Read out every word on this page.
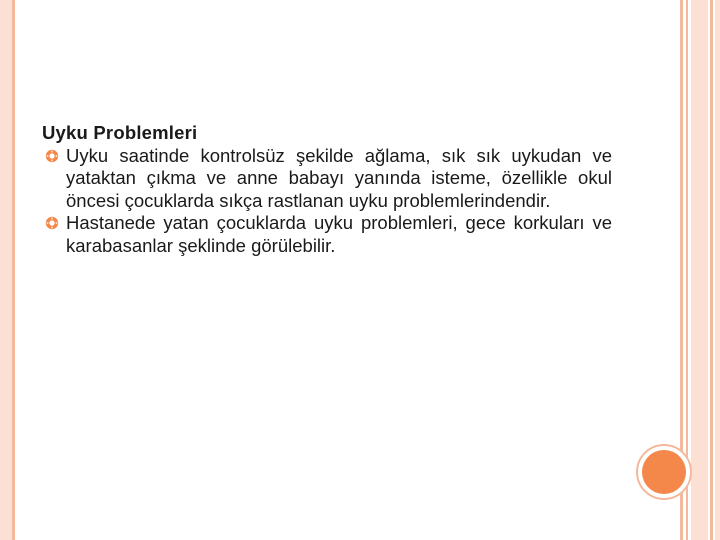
Uyku Problemleri

Uyku saatinde kontrolsüz şekilde ağlama, sık sık uykudan ve yataktan çıkma ve anne babayı yanında isteme, özellikle okul öncesi çocuklarda sıkça rastlanan uyku problemlerindendir.
Hastanede yatan çocuklarda uyku problemleri, gece korkuları ve karabasanlar şeklinde görülebilir.
